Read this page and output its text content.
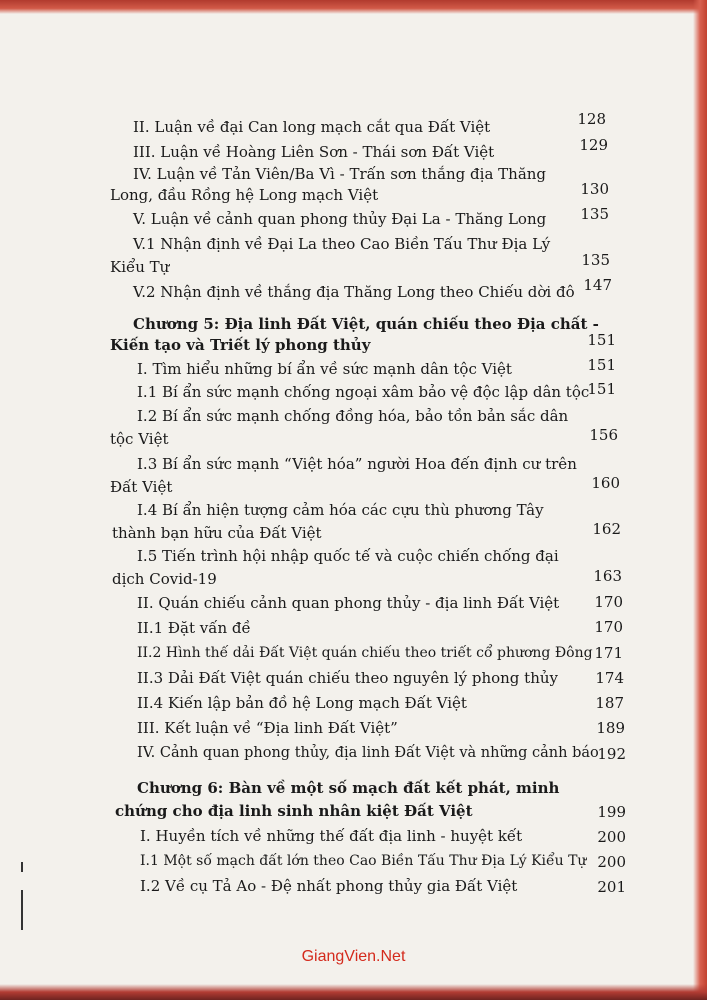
II. Luận về đại Can long mạch cắt qua Đất Việt	128
III. Luận về Hoàng Liên Sơn - Thái sơn Đất Việt	129
IV. Luận về Tản Viên/Ba Vì - Trấn sơn thắng địa Thăng
Long, đầu Rồng hệ Long mạch Việt	130
V. Luận về cảnh quan phong thủy Đại La - Thăng Long	135
V.1 Nhận định về Đại La theo Cao Biền Tấu Thư Địa Lý
Kiểu Tự	135
V.2 Nhận định về thắng địa Thăng Long theo Chiếu dời đô 147
Chương 5: Địa linh Đất Việt, quán chiếu theo Địa chất -
Kiến tạo và Triết lý phong thủy	151
I. Tìm hiểu những bí ẩn về sức mạnh dân tộc Việt	151
I.1 Bí ẩn sức mạnh chống ngoại xâm bảo vệ độc lập dân tộc
151
I.2 Bí ẩn sức mạnh chống đồng hóa, bảo tồn bản sắc dân
tộc Việt	156
I.3 Bí ẩn sức mạnh “Việt hóa” người Hoa đến định cư trên
Đất Việt	160
I.4 Bí ẩn hiện tượng cảm hóa các cựu thù phương Tây
thành bạn hữu của Đất Việt	162
I.5 Tiến trình hội nhập quốc tế và cuộc chiến chống đại
dịch Covid-19	163
II. Quán chiếu cảnh quan phong thủy - địa linh Đất Việt	170
II.1 Đặt vấn đề	170
II.2 Hình thế dải Đất Việt quán chiếu theo triết cổ phương Đông 171
II.3 Dải Đất Việt quán chiếu theo nguyên lý phong thủy	174
II.4 Kiến lập bản đồ hệ Long mạch Đất Việt	187
III. Kết luận về “Địa linh Đất Việt”	189
IV. Cảnh quan phong thủy, địa linh Đất Việt và những cảnh báo
192
Chương 6: Bàn về một số mạch đất kết phát, minh
chứng cho địa linh sinh nhân kiệt Đất Việt	199
I. Huyền tích về những thế đất địa linh - huyệt kết	200
I.1 Một số mạch đất lớn theo Cao Biền Tấu Thư Địa Lý Kiểu Tự 200
I.2 Về cụ Tả Ao - Đệ nhất phong thủy gia Đất Việt	201
GiangVien.Net
